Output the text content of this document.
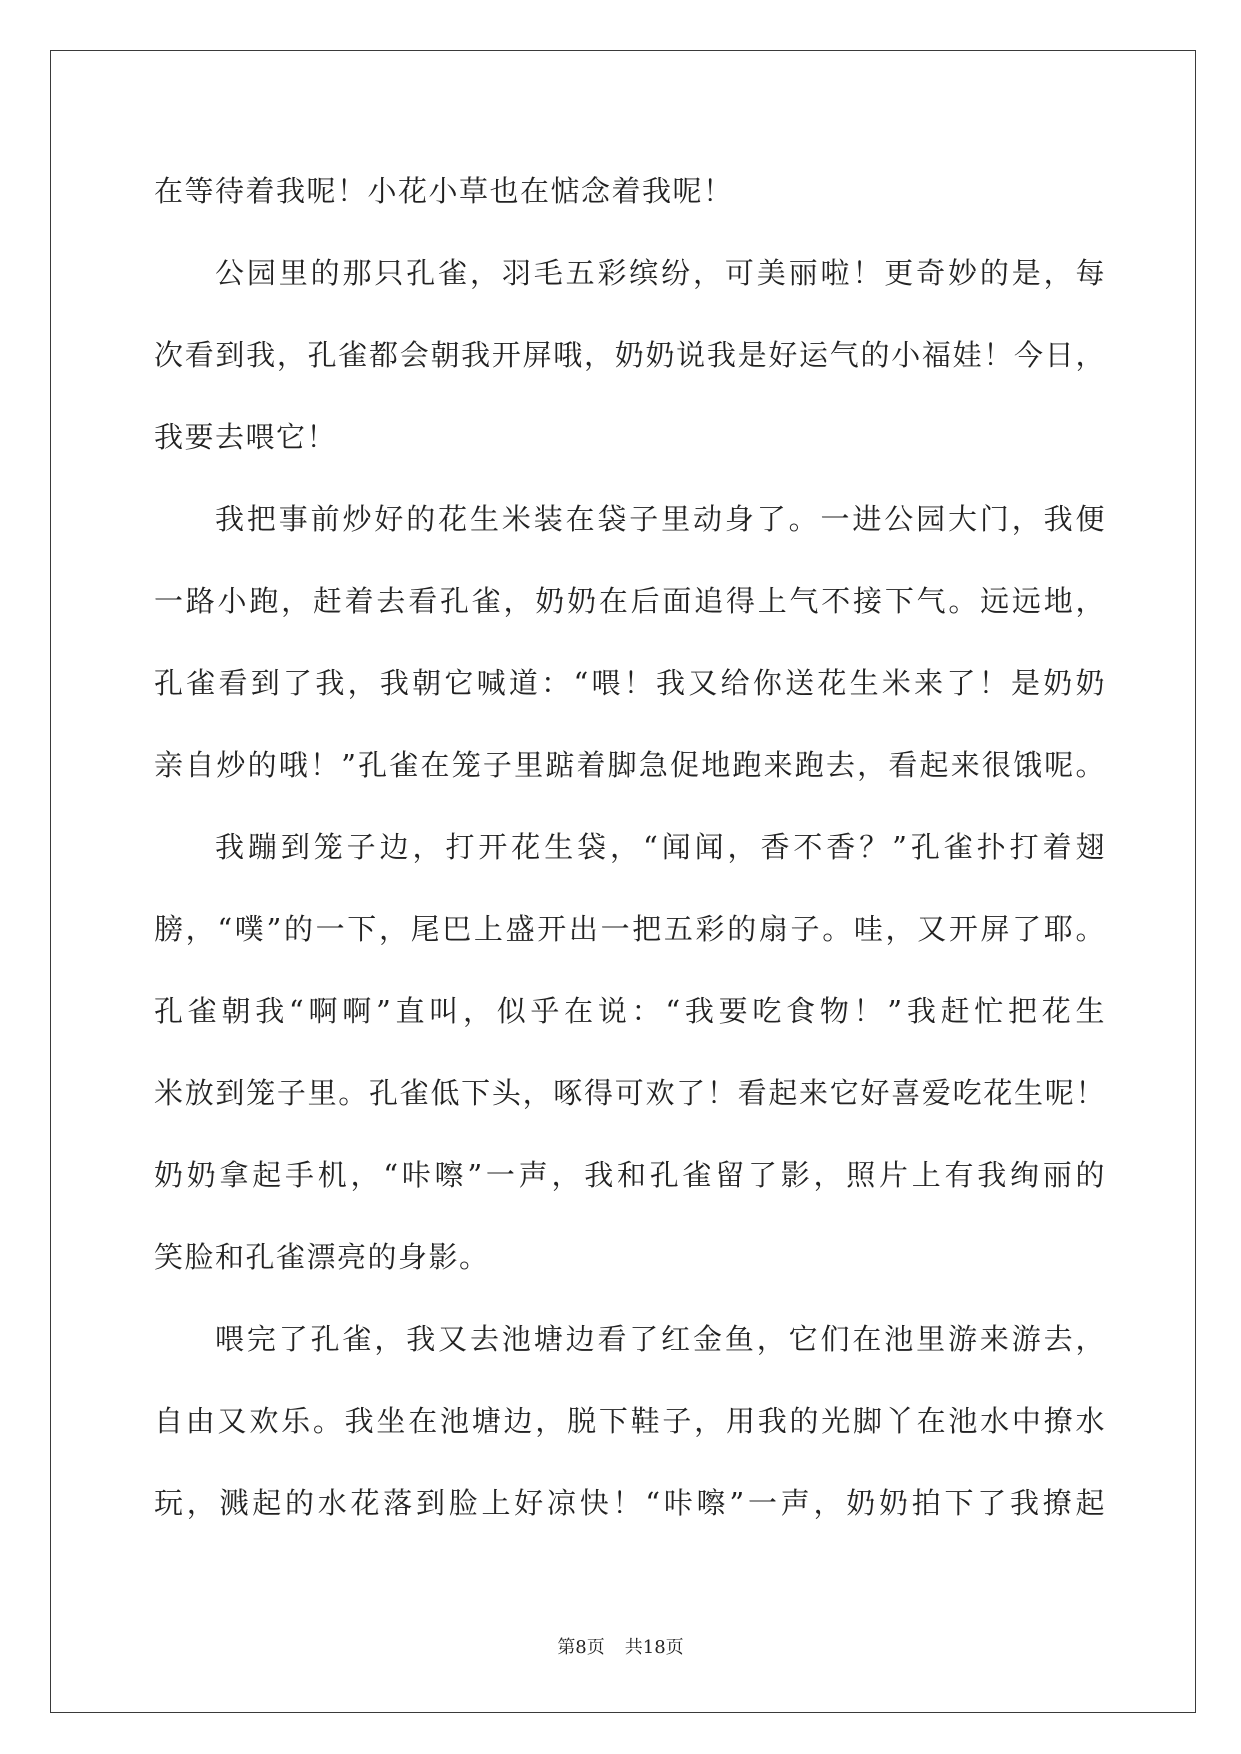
在等待着我呢！小花小草也在惦念着我呢！
公园里的那只孔雀，羽毛五彩缤纷，可美丽啦！更奇妙的是，每
次看到我，孔雀都会朝我开屏哦，奶奶说我是好运气的小福娃！今日，
我要去喂它！
我把事前炒好的花生米装在袋子里动身了。一进公园大门，我便
一路小跑，赶着去看孔雀，奶奶在后面追得上气不接下气。远远地，
孔雀看到了我，我朝它喊道：“喂！我又给你送花生米来了！是奶奶
亲自炒的哦！”孔雀在笼子里踮着脚急促地跑来跑去，看起来很饿呢。
我蹦到笼子边，打开花生袋，“闻闻，香不香？”孔雀扑打着翅
膀，“噗”的一下，尾巴上盛开出一把五彩的扇子。哇，又开屏了耶。
孔雀朝我“啊啊”直叫，似乎在说：“我要吃食物！”我赶忙把花生
米放到笼子里。孔雀低下头，啄得可欢了！看起来它好喜爱吃花生呢！
奶奶拿起手机，“咔嚓”一声，我和孔雀留了影，照片上有我绚丽的
笑脸和孔雀漂亮的身影。
喂完了孔雀，我又去池塘边看了红金鱼，它们在池里游来游去，
自由又欢乐。我坐在池塘边，脱下鞋子，用我的光脚丫在池水中撩水
玩，溅起的水花落到脸上好凉快！“咔嚓”一声，奶奶拍下了我撩起
第8页 共18页
